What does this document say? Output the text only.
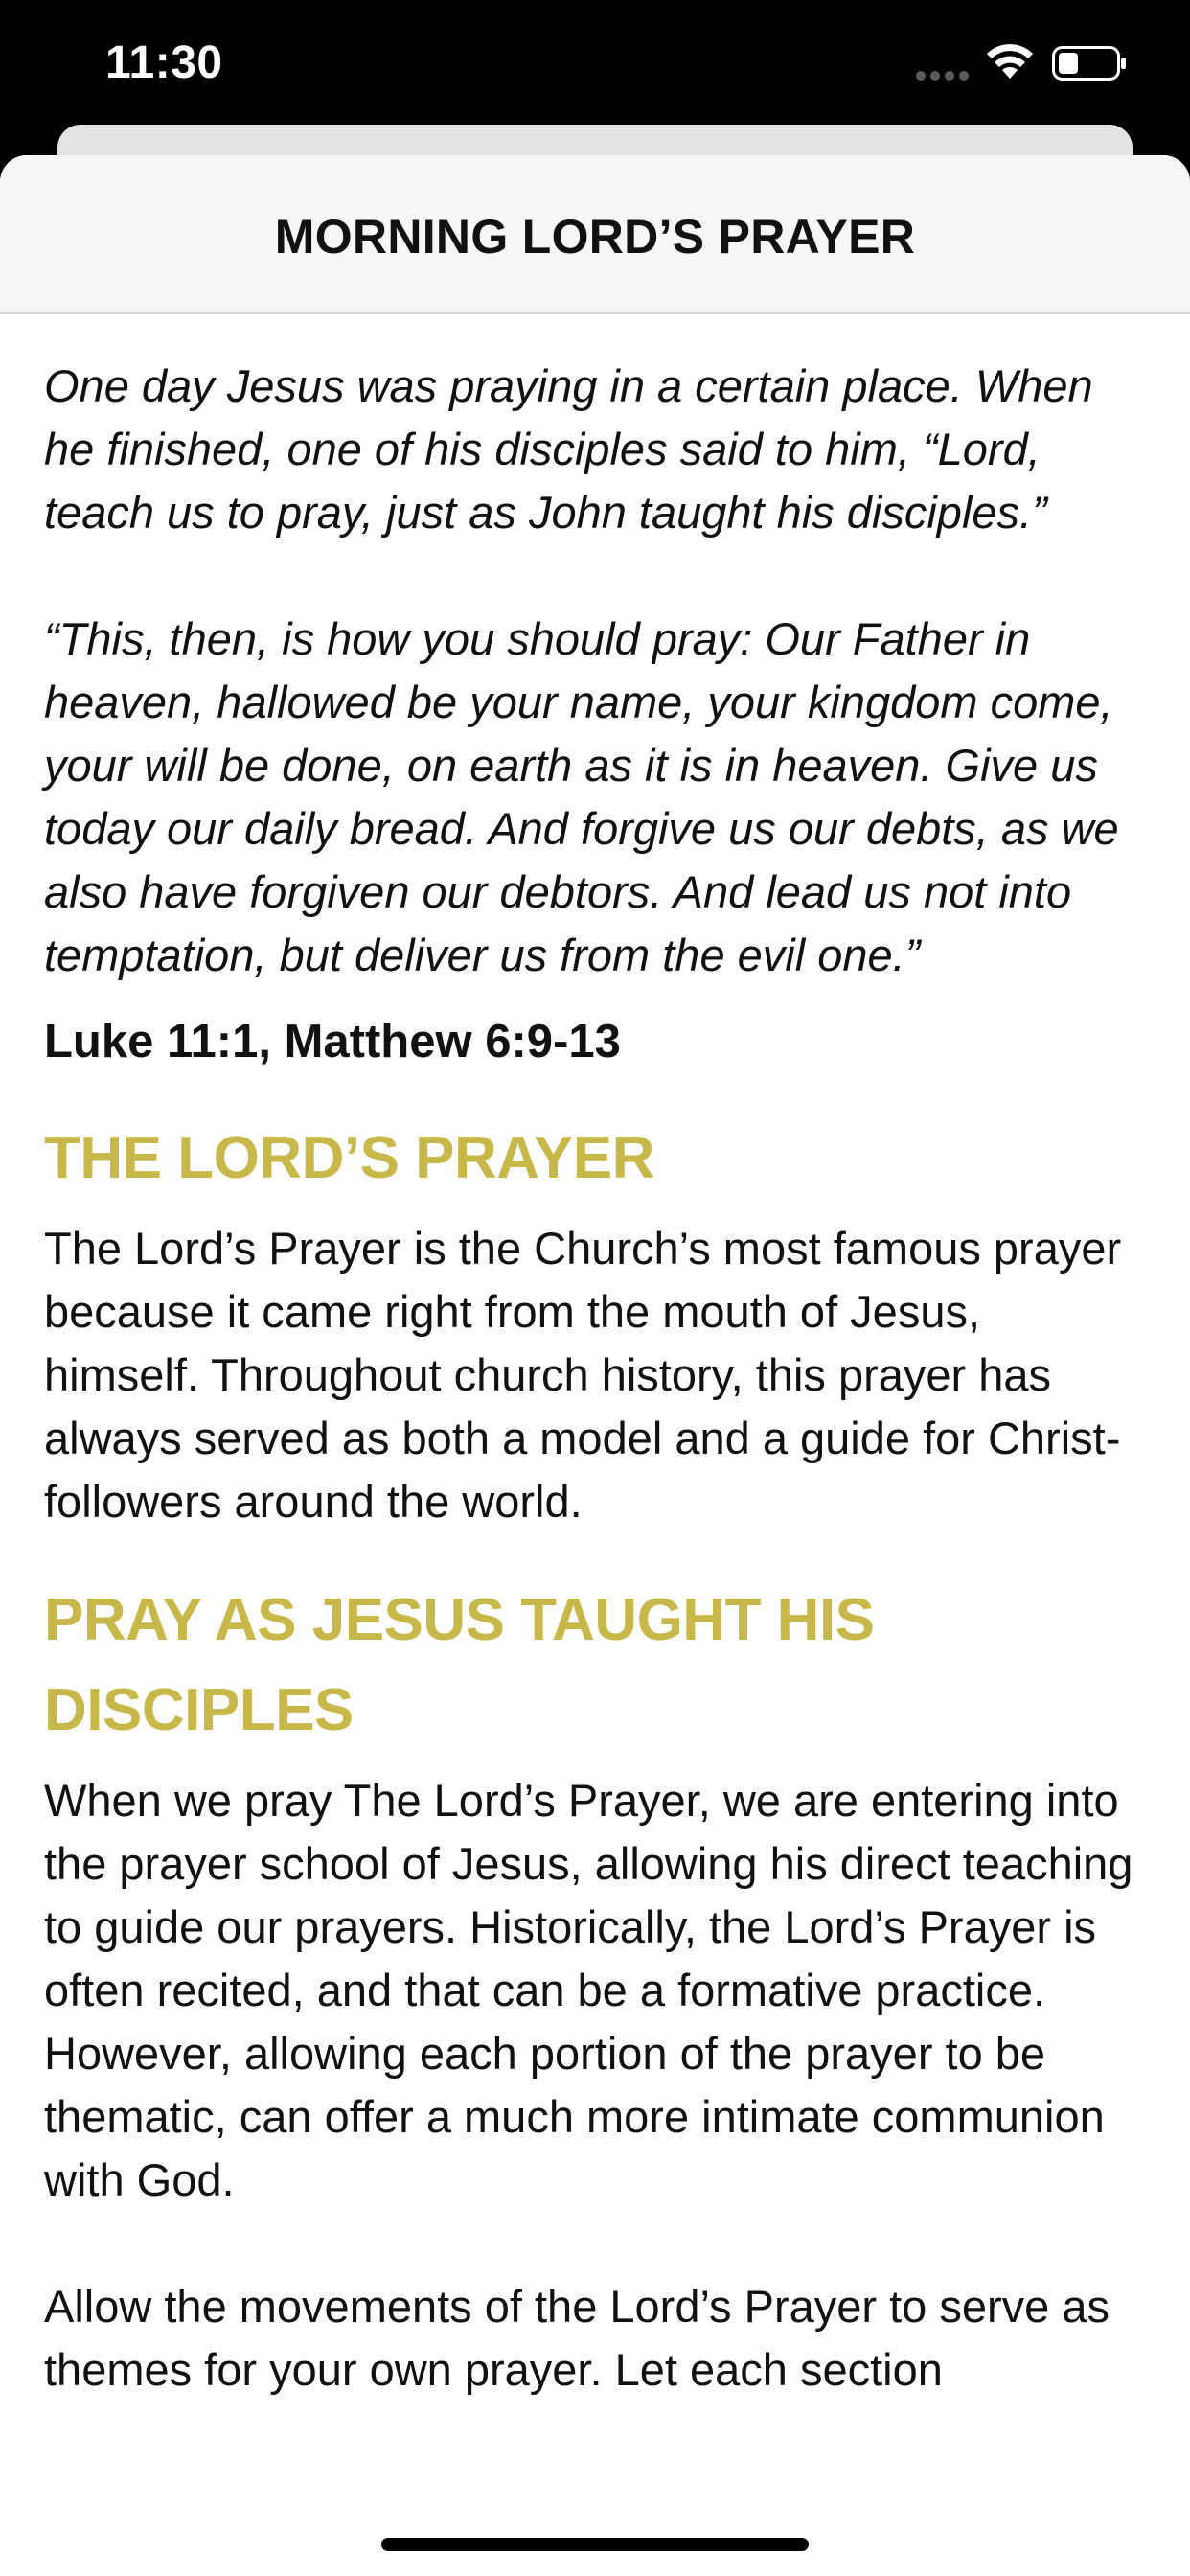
11:30
MORNING LORD’S PRAYER

One day Jesus was praying in a certain place. When he finished, one of his disciples said to him, “Lord, teach us to pray, just as John taught his disciples.”

“This, then, is how you should pray: Our Father in heaven, hallowed be your name, your kingdom come, your will be done, on earth as it is in heaven. Give us today our daily bread. And forgive us our debts, as we also have forgiven our debtors. And lead us not into temptation, but deliver us from the evil one.”

Luke 11:1, Matthew 6:9-13

THE LORD’S PRAYER

The Lord’s Prayer is the Church’s most famous prayer because it came right from the mouth of Jesus, himself. Throughout church history, this prayer has always served as both a model and a guide for Christ-followers around the world.

PRAY AS JESUS TAUGHT HIS DISCIPLES

When we pray The Lord’s Prayer, we are entering into the prayer school of Jesus, allowing his direct teaching to guide our prayers. Historically, the Lord’s Prayer is often recited, and that can be a formative practice. However, allowing each portion of the prayer to be thematic, can offer a much more intimate communion with God.

Allow the movements of the Lord’s Prayer to serve as themes for your own prayer. Let each section
